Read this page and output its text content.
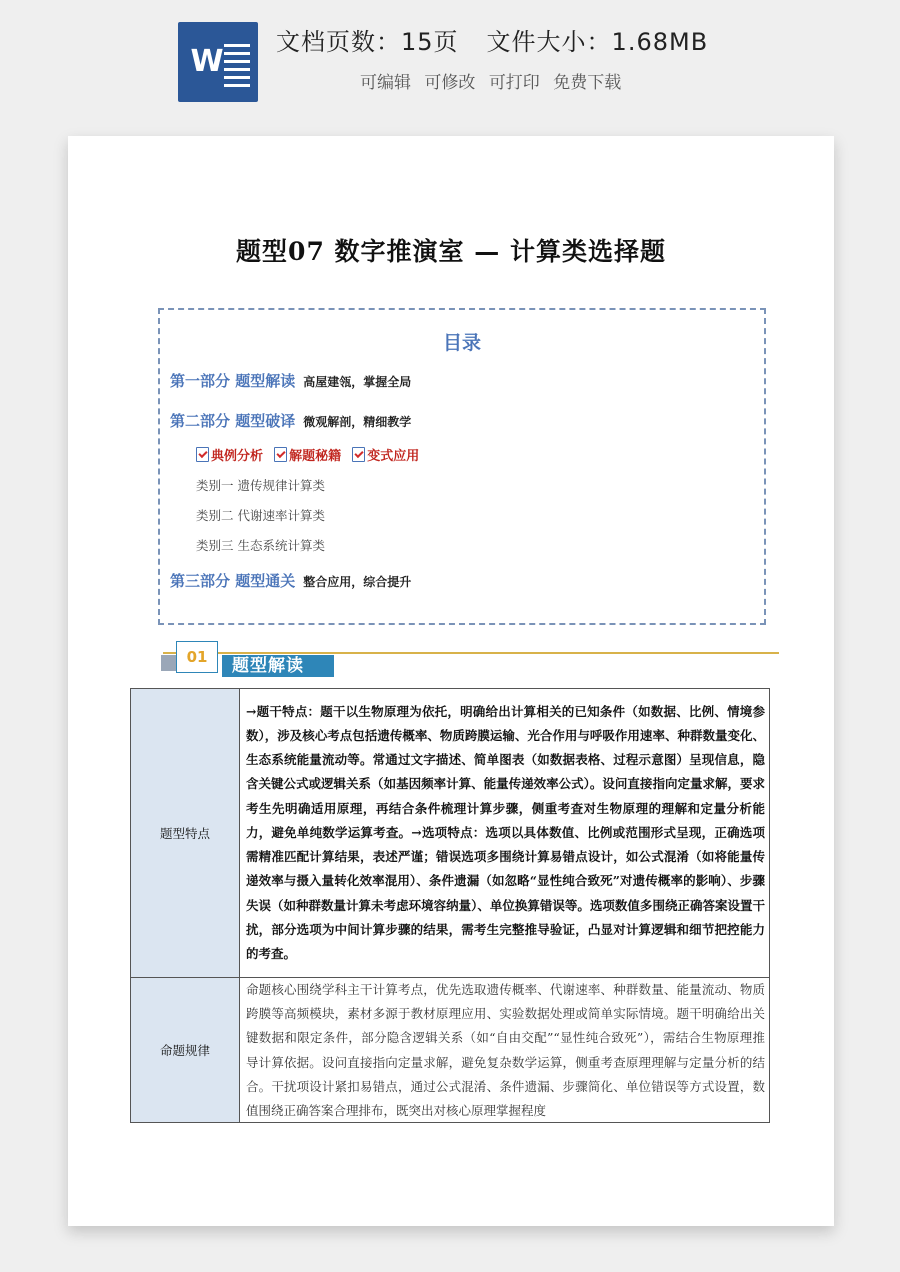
W
文档页数：15页 文件大小：1.68MB
可编辑 可修改 可打印 免费下载
题型07 数字推演室 — 计算类选择题
目录
第一部分 题型解读 高屋建瓴，掌握全局
第二部分 题型破译 微观解剖，精细教学
典例分析 解题秘籍 变式应用
类别一 遗传规律计算类
类别二 代谢速率计算类
类别三 生态系统计算类
第三部分 题型通关 整合应用，综合提升
01	题型解读
题型特点	→题干特点：题干以生物原理为依托，明确给出计算相关的已知条件（如数据、比例、情境参数），涉及核心考点包括遗传概率、物质跨膜运输、光合作用与呼吸作用速率、种群数量变化、生态系统能量流动等。常通过文字描述、简单图表（如数据表格、过程示意图）呈现信息，隐含关键公式或逻辑关系（如基因频率计算、能量传递效率公式）。设问直接指向定量求解，要求考生先明确适用原理，再结合条件梳理计算步骤，侧重考查对生物原理的理解和定量分析能力，避免单纯数学运算考查。→选项特点：选项以具体数值、比例或范围形式呈现，正确选项需精准匹配计算结果，表述严谨；错误选项多围绕计算易错点设计，如公式混淆（如将能量传递效率与摄入量转化效率混用）、条件遗漏（如忽略“显性纯合致死”对遗传概率的影响）、步骤失误（如种群数量计算未考虑环境容纳量）、单位换算错误等。选项数值多围绕正确答案设置干扰，部分选项为中间计算步骤的结果，需考生完整推导验证，凸显对计算逻辑和细节把控能力的考查。
命题规律	命题核心围绕学科主干计算考点，优先选取遗传概率、代谢速率、种群数量、能量流动、物质跨膜等高频模块，素材多源于教材原理应用、实验数据处理或简单实际情境。题干明确给出关键数据和限定条件，部分隐含逻辑关系（如“自由交配”“显性纯合致死”），需结合生物原理推导计算依据。设问直接指向定量求解，避免复杂数学运算，侧重考查原理理解与定量分析的结合。干扰项设计紧扣易错点，通过公式混淆、条件遗漏、步骤简化、单位错误等方式设置，数值围绕正确答案合理排布，既突出对核心原理掌握程度
